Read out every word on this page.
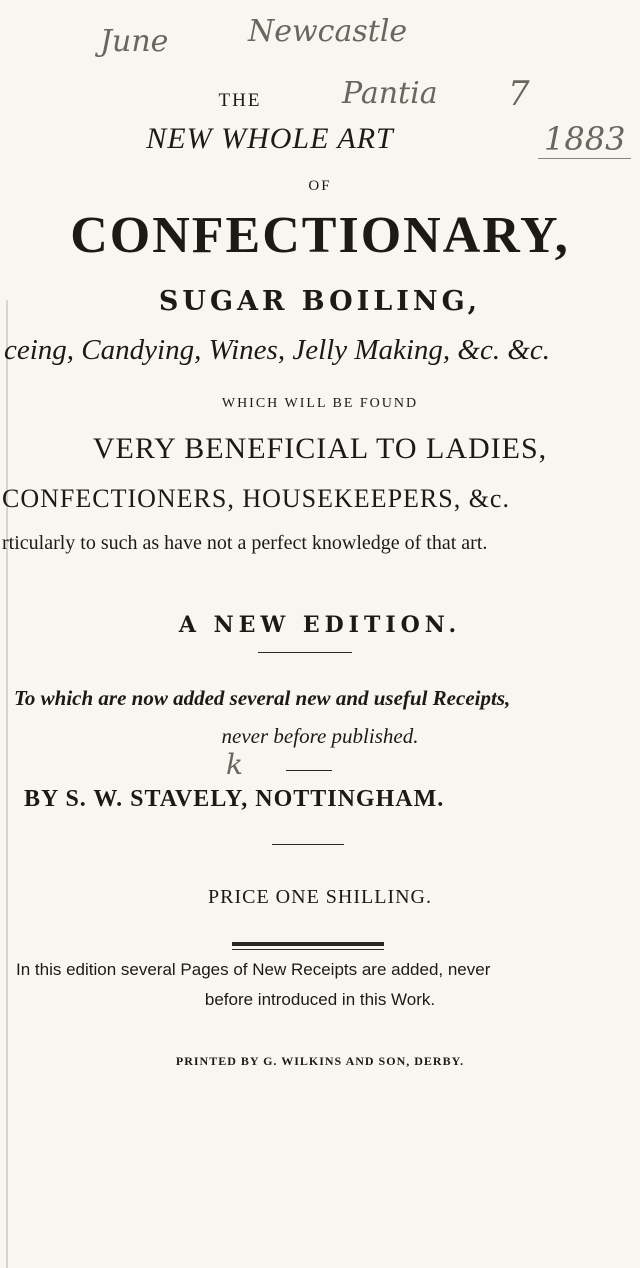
June	Newcastle
Pantia 7
1883
THE
NEW WHOLE ART
OF
CONFECTIONARY,
SUGAR BOILING,
ceing, Candying, Wines, Jelly Making, &c. &c.
WHICH WILL BE FOUND
VERY BENEFICIAL TO LADIES,
CONFECTIONERS, HOUSEKEEPERS, &c.
rticularly to such as have not a perfect knowledge of that art.
A NEW EDITION.
To which are now added several new and useful Receipts,
never before published.
k
BY S. W. STAVELY, NOTTINGHAM.
PRICE ONE SHILLING.
In this edition several Pages of New Receipts are added, never
before introduced in this Work.
PRINTED BY G. WILKINS AND SON, DERBY.
